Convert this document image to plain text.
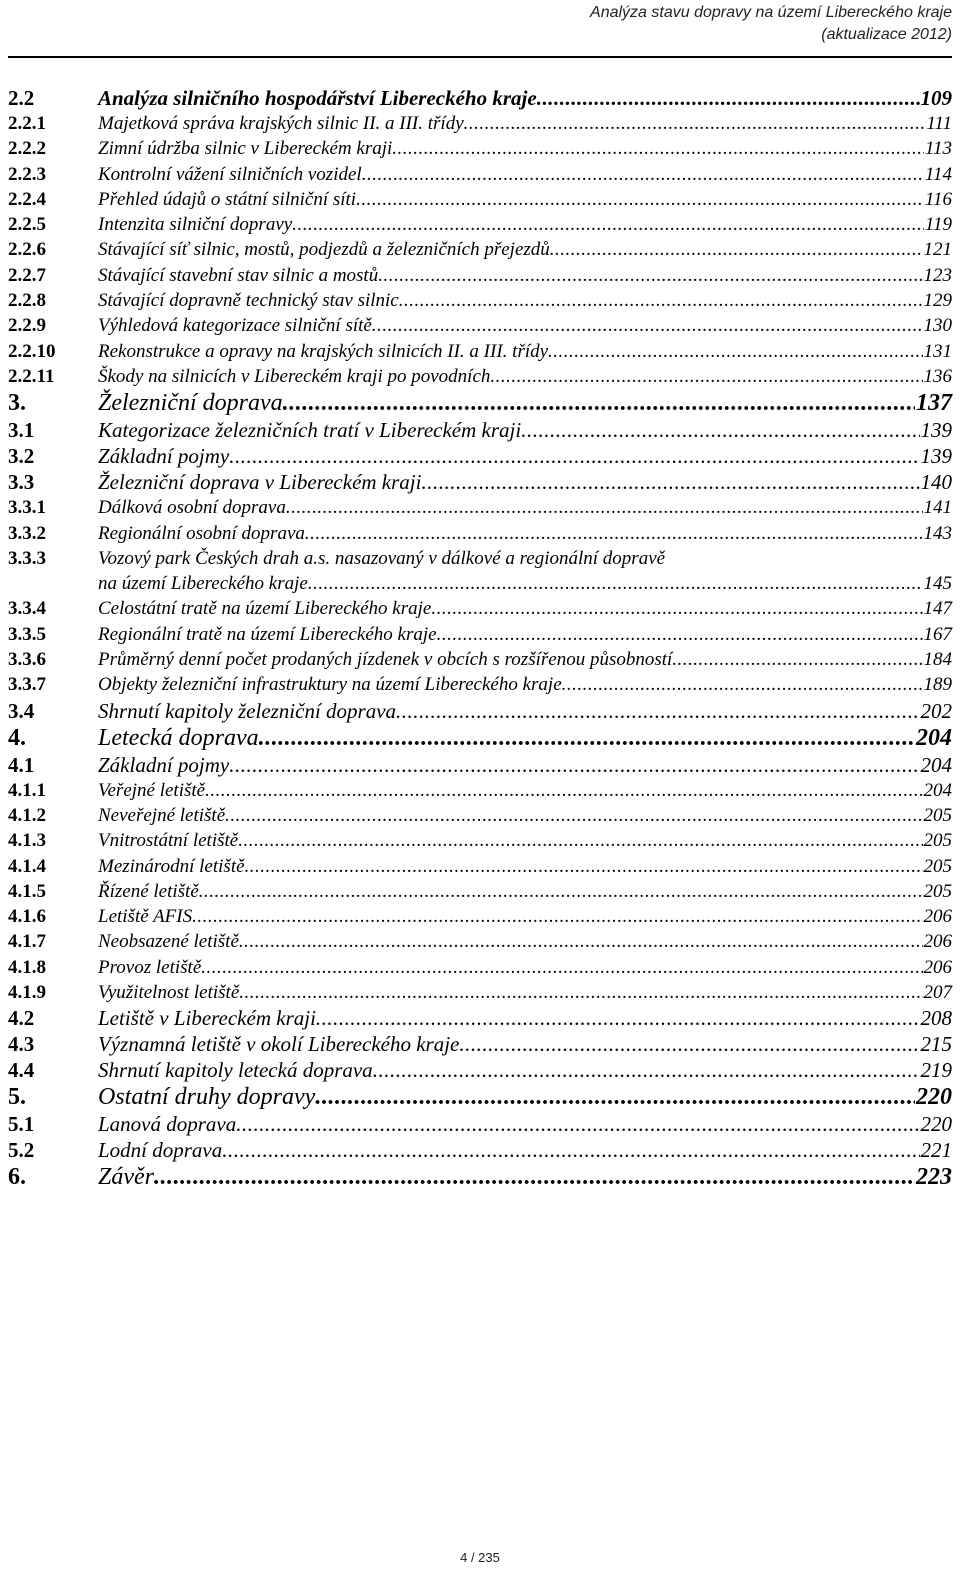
Analýza stavu dopravy na území Libereckého kraje
(aktualizace 2012)
2.2	Analýza silničního hospodářství Libereckého kraje .....	109
2.2.1	Majetková správa krajských silnic II. a III. třídy .....	111
2.2.2	Zimní údržba silnic v Libereckém kraji .....	113
2.2.3	Kontrolní vážení silničních vozidel .....	114
2.2.4	Přehled údajů o státní silniční síti .....	116
2.2.5	Intenzita silniční dopravy .....	119
2.2.6	Stávající síť silnic, mostů, podjezdů a železničních přejezdů .....	121
2.2.7	Stávající stavební stav silnic a mostů .....	123
2.2.8	Stávající dopravně technický stav silnic .....	129
2.2.9	Výhledová kategorizace silniční sítě .....	130
2.2.10 Rekonstrukce a opravy na krajských silnicích II. a III. třídy .....	131
2.2.11 Škody na silnicích v Libereckém kraji po povodních .....	136
3.	Železniční doprava .....	137
3.1	Kategorizace železničních tratí v Libereckém kraji .....	139
3.2	Základní pojmy .....	139
3.3	Železniční doprava v Libereckém kraji .....	140
3.3.1	Dálková osobní doprava .....	141
3.3.2	Regionální osobní doprava .....	143
3.3.3	Vozový park Českých drah a.s. nasazovaný v dálkové a regionální dopravě
na území Libereckého kraje .....	145
3.3.4	Celostátní tratě na území Libereckého kraje .....	147
3.3.5	Regionální tratě na území Libereckého kraje .....	167
3.3.6	Průměrný denní počet prodaných jízdenek v obcích s rozšířenou působností .....	184
3.3.7	Objekty železniční infrastruktury na území Libereckého kraje .....	189
3.4	Shrnutí kapitoly železniční doprava .....	202
4.	Letecká doprava .....	204
4.1	Základní pojmy .....	204
4.1.1	Veřejné letiště .....	204
4.1.2	Neveřejné letiště .....	205
4.1.3	Vnitrostátní letiště .....	205
4.1.4	Mezinárodní letiště .....	205
4.1.5	Řízené letiště .....	205
4.1.6	Letiště AFIS .....	206
4.1.7	Neobsazené letiště .....	206
4.1.8	Provoz letiště .....	206
4.1.9	Využitelnost letiště .....	207
4.2	Letiště v Libereckém kraji .....	208
4.3	Významná letiště v okolí Libereckého kraje .....	215
4.4	Shrnutí kapitoly letecká doprava .....	219
5.	Ostatní druhy dopravy .....	220
5.1	Lanová doprava .....	220
5.2	Lodní doprava .....	221
6.	Závěr .....	223
4 / 235
